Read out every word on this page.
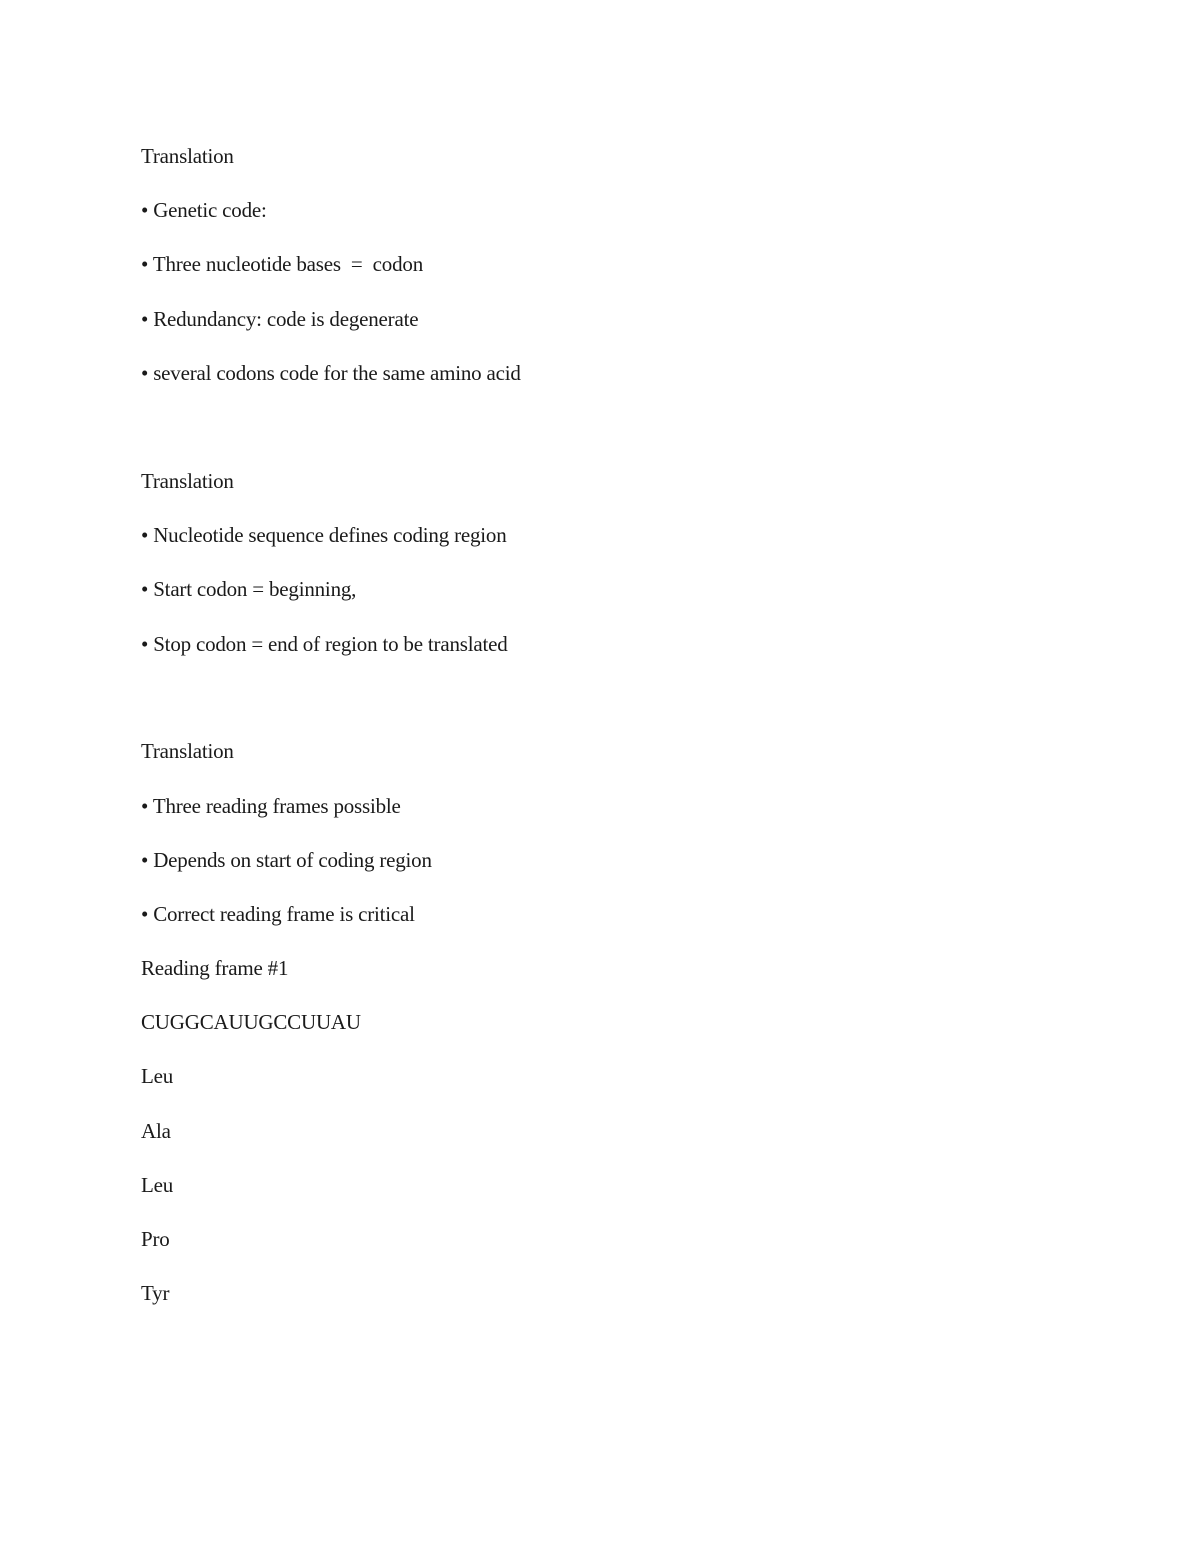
Translation
• Genetic code:
• Three nucleotide bases  =  codon
• Redundancy: code is degenerate
• several codons code for the same amino acid
Translation
• Nucleotide sequence defines coding region
• Start codon = beginning,
• Stop codon = end of region to be translated
Translation
• Three reading frames possible
• Depends on start of coding region
• Correct reading frame is critical
Reading frame #1
CUGGCAUUGCCUUAU
Leu
Ala
Leu
Pro
Tyr
